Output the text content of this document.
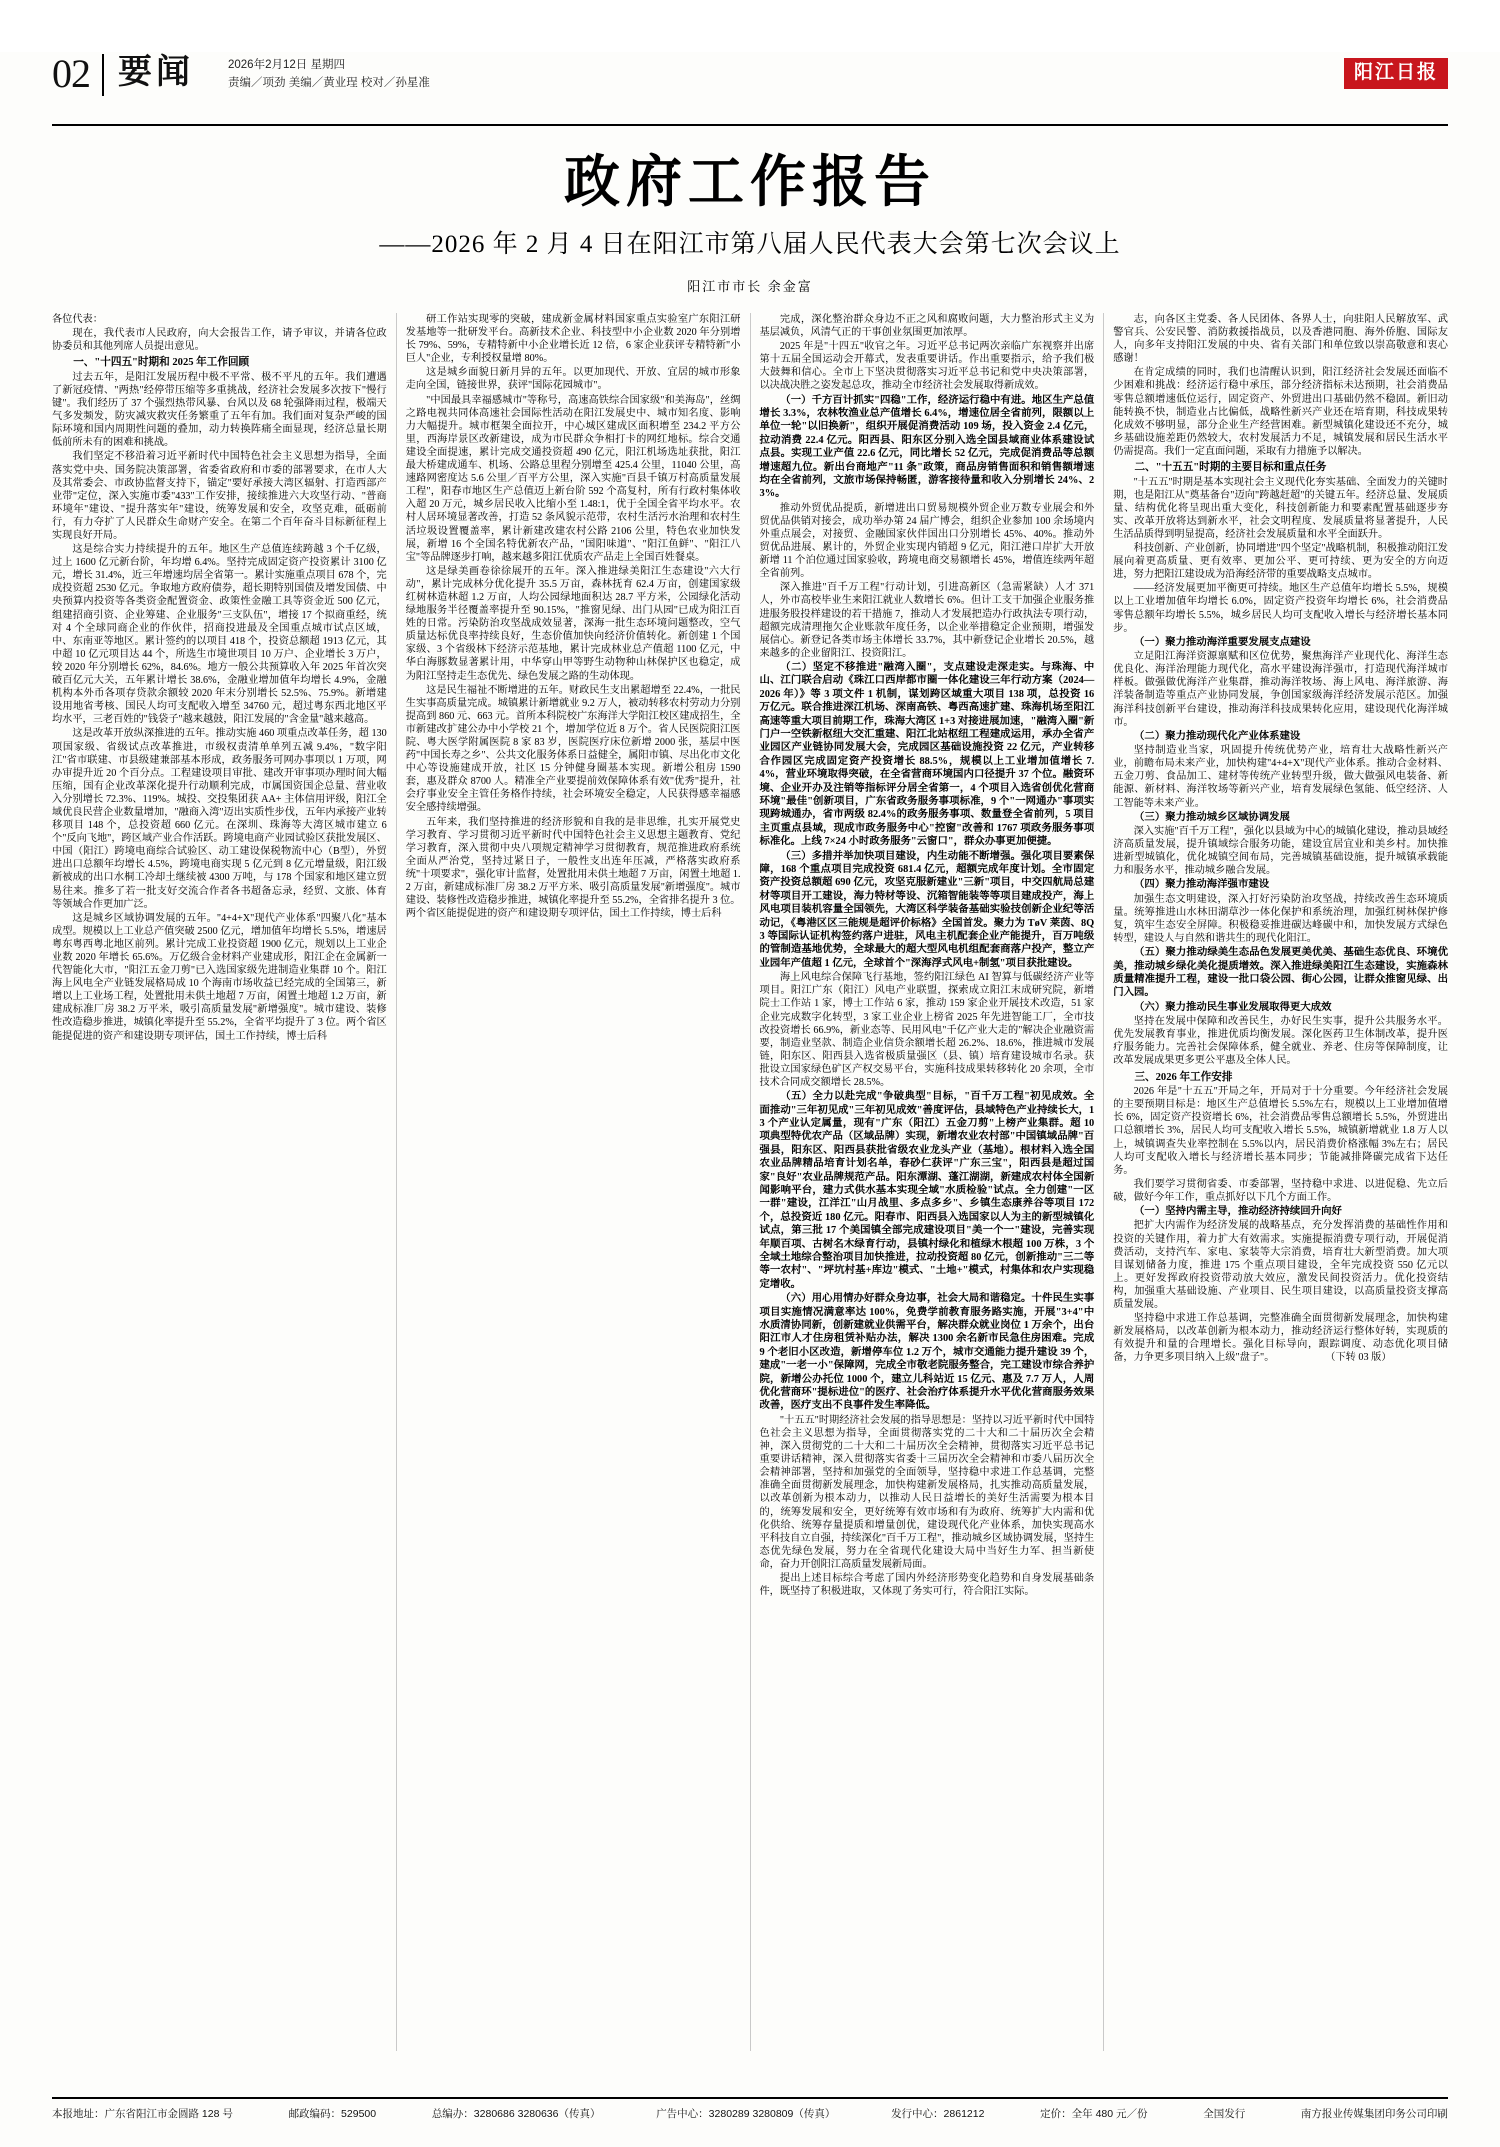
02 要闻	2026年2月12日 星期四
责编／项劲 美编／黄业珵 校对／孙星准	阳江日报
政府工作报告
——2026 年 2 月 4 日在阳江市第八届人民代表大会第七次会议上
阳江市市长 余金富

各位代表：

现在，我代表市人民政府，向大会报告工作，请予审议，并请各位政协委员和其他列席人员提出意见。

一、"十四五"时期和 2025 年工作回顾

过去五年，是阳江发展历程中极不平常、极不平凡的五年。我们遭遇了新冠疫情、"两热"经停带压缩等多重挑战，经济社会发展多次按下"慢行键"。我们经历了 37 个强烈热带风暴、台风以及 68 轮强降雨过程，极端天气多发频发，防灾减灾救灾任务繁重了五年有加。我们面对复杂严峻的国际环境和国内周期性问题的叠加，动力转换阵痛全面显现，经济总量长期低前所未有的困难和挑战。

我们坚定不移沿着习近平新时代中国特色社会主义思想为指导，全面落实党中央、国务院决策部署，省委省政府和市委的部署要求，在市人大及其常委会、市政协监督支持下，锚定"要好承接大湾区辐射、打造西部产业带"定位，深入实施市委"433"工作安排，接续推进六大攻坚行动、"普商环境年"建设、"提升落实年"建设，统筹发展和安全，攻坚克难，砥砺前行，有力夺扩了人民群众生命财产安全。在第二个百年奋斗目标新征程上实现良好开局。

这是综合实力持续提升的五年。地区生产总值连续跨越 3 个千亿级，过上 1600 亿元新台阶，年均增 6.4%。坚持完成固定资产投资累计 3100 亿元，增长 31.4%，近三年增速均居全省第一。累计实施重点项目 678 个，完成投资超 2530 亿元。争取地方政府债券，超长期特别国债及增发国债、中央预算内投资等各类资金配置资金、政策性金融工具等资金近 500 亿元，组建招商引资、企业筹建、企业服务"三支队伍"，增接 17 个拟商重经，统对 4 个全球同商企业的作伙伴，招商投进最及全国重点城市试点区域，中、东南亚等地区。累计签约的以项目 418 个，投资总额超 1913 亿元，其中超 10 亿元项目达 44 个，所选生市境世项目 10 万户、企业增长 3 万户，较 2020 年分别增长 62%，84.6%。地方一般公共预算收入年 2025 年首次突破百亿元大关，五年累计增长 38.6%，金融业增加值年均增长 4.9%，金融机构本外币各项存贷款余额较 2020 年末分别增长 52.5%、75.9%。新增建设用地省考核、国民人均可支配收入增至 34760 元，超过粤东西北地区平均水平，三老百姓的"钱袋子"越来越鼓，阳江发展的"含金量"越来越高。

这是改革开放纵深推进的五年。推动实施 460 项重点改革任务，超 130 项国家级、省级试点改革推进，市级权责清单单列五减 9.4%，"数字阳江"省市联建、市县级建兼部基本形成，政务服务可网办事项以 1 万项，网办审提升近 20 个百分点。工程建设项目审批、建改开审事项办理时间大幅压缩，国有企业改革深化提升行动顺利完成，市属国资国企总量、营业收入分别增长 72.3%、119%。城投、交投集团获 AA+ 主体信用评级，阳江全域优良民营企业数量增加，"融商入湾"迈出实质性步伐，五年内承接产业转移项目 148 个，总投资超 660 亿元。在深圳、珠海等大湾区城市建立 6 个"反向飞地"，跨区域产业合作活跃。跨境电商产业园试验区获批发展区、中国（阳江）跨境电商综合试验区、动工建设保税物流中心（B型），外贸进出口总额年均增长 4.5%，跨境电商实现 5 亿元到 8 亿元增量级，阳江级新被成的出口水桐工冷却土继续被 4300 万吨，与 178 个国家和地区建立贸易往来。推多了若一批支好交流合作者各书超备忘录，经贸、文旅、体育等领域合作更加广泛。

这是城乡区域协调发展的五年。"4+4+X"现代产业体系"四聚八化"基本成型。规模以上工业总产值突破 2500 亿元，增加值年均增长 5.5%，增速居粤东粤西粤北地区前列。累计完成工业投资超 1900 亿元，规划以上工业企业数 2020 年增长 65.6%。万亿级合金材料产业建成形，阳江企在金属新一代智能化大市，"阳江五金刀剪"已入选国家级先进制造业集群 10 个。阳江海上风电全产业链发展格局成 10 个海南市场收益已经完成的全国第三，新增以上工业场工程，处置批用未供土地超 7 万亩，闲置土地超 1.2 万亩，新建成标准厂房 38.2 万平米，吸引高质量发展"新增强度"。城市建设、装修性改造稳步推进，城镇化率提升至 55.2%，全省平均提升了 3 位。两个省区能提促进的资产和建设期专项评估，国土工作持续，博士后科

研工作站实现零的突破，建成新金属材料国家重点实验室广东阳江研发基地等一批研发平台。高新技术企业、科技型中小企业数 2020 年分别增长 79%、59%，专精特新中小企业增长近 12 倍，6 家企业获评专精特新"小巨人"企业，专利授权量增 80%。

这是城乡面貌日新月异的五年。以更加现代、开放、宜居的城市形象走向全国，链接世界，获评"国际花园城市"。

"中国最具幸福感城市"等称号，高速高铁综合国家级"和美海岛"，丝绸之路电视共同体高速社会国际性活动在阳江发展史中、城市知名度、影响力大幅提升。城市框架全面拉开，中心城区建成区面积增至 234.2 平方公里，西海岸景区改新建设，成为市民群众争相打卡的网红地标。综合交通建设全面提速，累计完成交通投资超 490 亿元，阳江机场选址获批，阳江最大桥建成通车、机场、公路总里程分别增至 425.4 公里，11040 公里，高速路网密度达 5.6 公里／百平方公里，深入实施"百县千镇万村高质量发展工程"，阳春市地区生产总值迈上新台阶 592 个高复村，所有行政村集体收入超 20 万元，城乡居民收入比缩小至 1.48:1，优于全国全省平均水平。农村人居环境显著改善，打造 52 条风貌示范带，农村生活污水治理和农村生活垃圾设置覆盖率，累计新建改建农村公路 2106 公里，特色农业加快发展，新增 16 个全国名特优新农产品，"国阳味道"、"阳江鱼鲜"、"阳江八宝"等品牌逐步打响，越来越多阳江优质农产品走上全国百姓餐桌。

这是绿美画卷徐徐展开的五年。深入推进绿美阳江生态建设"六大行动"，累计完成林分优化提升 35.5 万亩，森林抚育 62.4 万亩，创建国家级红树林造林超 1.2 万亩，人均公园绿地面积达 28.7 平方米，公园绿化活动绿地服务半径覆盖率提升至 90.15%，"推窗见绿、出门从园"已成为阳江百姓的日常。污染防治攻坚战成效显著，深海一批生态环境问题整改，空气质量达标优良率持续良好，生态价值加快向经济价值转化。新创建 1 个国家级、3 个省级林下经济示范基地，累计完成林业总产值超 1100 亿元，中华白海豚数显著累计用，中华穿山甲等野生动物种山林保护区也稳定，成为阳江坚持走生态优先、绿色发展之路的生动体现。

这是民生福祉不断增进的五年。财政民生支出累超增至 22.4%，一批民生实事高质量完成。城镇累计新增就业 9.2 万人，被动转移农村劳动力分别提高到 860 元、663 元。首所本科院校广东海洋大学阳江校区建成招生，全市新建改扩建公办中小学校 21 个，增加学位近 8 万个。省人民医院阳江医院、粤大医学附属医院 8 家 83 岁，医院医疗床位新增 2000 张，基层中医药"中国长寿之乡"、公共文化服务体系日益健全，属阳市镇、尽出化市文化中心等设施建成开放，社区 15 分钟健身圈基本实现。新增公租房 1590 套，惠及群众 8700 人。精准全产业要提前效保障体系有效"优秀"提升，社会疗事业安全主管任务格作持续，社会环境安全稳定，人民获得感幸福感安全感持续增强。

五年来，我们坚持推进的经济形貌和自我的是非思维，扎实开展党史学习教育、学习贯彻习近平新时代中国特色社会主义思想主题教育、党纪学习教育，深入贯彻中央八项规定精神学习贯彻教育，规范推进政府系统全面从严治党，坚持过紧日子，一般性支出连年压减，严格落实政府系统"十项要求"，强化审计监督，处置批用未供土地超 7 万亩，闲置土地超 1.2 万亩，新建成标准厂房 38.2 万平方米、吸引高质量发展"新增强度"。城市建设、装修性改造稳步推进，城镇化率提升至 55.2%，全省排名提升 3 位。两个省区能提促进的资产和建设期专项评估，国土工作持续，博士后科

完成，深化整治群众身边不正之风和腐败问题，大力整治形式主义为基层减负，风清气正的干事创业氛围更加浓厚。

2025 年是"十四五"收官之年。习近平总书记两次亲临广东视察并出席第十五届全国运动会开幕式，发表重要讲话。作出重要指示，给予我们极大鼓舞和信心。全市上下坚决贯彻落实习近平总书记和党中央决策部署，以决战决胜之姿发起总攻，推动全市经济社会发展取得新成效。

（一）千方百计抓实"四稳"工作，经济运行稳中有进。地区生产总值增长 3.3%，农林牧渔业总产值增长 6.4%，增速位居全省前列，限额以上单位一轮"以旧换新"，组织开展促消费活动 109 场，投入资金 2.4 亿元，拉动消费 22.4 亿元。阳西县、阳东区分别入选全国县域商业体系建设试点县。实现工业产值 22.6 亿元，同比增长 52 亿元，完成促消费品等总额增速超九位。新出台商地产"11 条"政策，商品房销售面积和销售额增速均在全省前列，文旅市场保持畅匿，游客接待量和收入分别增长 24%、23%。

推动外贸优品提质，新增进出口贸易规模外贸企业万数专业展会和外贸优品供销对接会，成功举办第 24 届广博会，组织企业参加 100 余场境内外重点展会，对接贸、金融国家伙伴国出口分别增长 45%、40%。推动外贸优品进展、累计的，外贸企业实现内销超 9 亿元，阳江港口岸扩大开放新增 11 个泊位通过国家验收，跨境电商交易额增长 45%，增值连续两年超全省前列。

深入推进"百千万工程"行动计划，引进高新区（急需紧缺）人才 371 人，外市高校毕业生来阳江就业人数增长 6%。但计工支干加强企业服务推进服务股投样建设的若干措施 7，推动人才发展把造办行政执法专项行动，超额完成清理拖欠企业账款年度任务，以企业举措稳定企业预期，增强发展信心。新登记各类市场主体增长 33.7%，其中新登记企业增长 20.5%，越来越多的企业留阳江、投资阳江。

（二）坚定不移推进"融湾入圈"，支点建设走深走实。与珠海、中山、江门联合启动《珠江口西岸都市圈一体化建设三年行动方案（2024—2026 年）》等 3 项文件 1 机制，谋划跨区域重大项目 138 项，总投资 16 万亿元。联合推进深江机场、深南高铁、粤西高速扩建、珠海机场至阳江高速等重大项目前期工作，珠海大湾区 1+3 对接进展加速，"融湾入圈"新门户一空铁新枢纽大交汇重建、阳江北站枢纽工程建成运用，承办全省产业园区产业链协同发展大会，完成园区基础设施投资 22 亿元，产业转移合作园区完成固定资产投资增长 88.5%，规模以上工业增加值增长 7.4%，营业环境取得突破，在全省营商环境国内口径提升 37 个位。融资环境、企业开办及注销等指标评分居全省第一，4 个项目入选省创优化营商环境"最佳"创新项目，广东省政务服务事项标准，9 个"一网通办"事项实现跨城通办，省市两级 82.4%的政务服务事项、数量登全省前列，5 项目主页重点县域，现成市政务服务中心"控窗"改善和 1767 项政务服务事项标准化。上线 7×24 小时政务服务"云窗口"，群众办事更加便捷。

（三）多措并举加快项目建设，内生动能不断增强。强化项目要素保障，168 个重点项目完成投资 681.4 亿元，超额完成年度计划。全市固定资产投资总额超 690 亿元，攻坚克服新建业"三新"项目，中交四航局总建材等项目开工建设，海力特材等设、沉箱智能装等等项目建成投产，海上风电项目装机容量全国领先，大湾区科学装备基础实验技创新企业纪等活动记，《粤港区区三能规是超评价标格》全国首发。聚力为 TøV 莱茵、8Q3 等国际认证机构签约落户进驻，风电主机配套企业产能提升，百万吨级的管制造基地优势，全球最大的超大型风电机组配套商落户投产，整立产业园年产值超 1 亿元，全球首个"深海浮式风电+制氢"项目获批建设。

海上风电综合保障飞行基地，签约阳江绿色 AI 智算与低碳经济产业等项目。阳江广东（阳江）风电产业联盟，探索成立阳江末成研究院，新增院士工作站 1 家，博士工作站 6 家，推动 159 家企业开展技术改造，51 家企业完成数字化转型，3 家工业企业上榜省 2025 年先进智能工厂，全市技改投资增长 66.9%，新业态等、民用风电"千亿产业大走的"解决企业融资需要，制造业坚款、制造企业信贷余额增长超 26.2%、18.6%，推进城市发展链，阳东区、阳西县入选省极质量强区（县、镇）培育建设城市名录。获批设立国家绿色矿区产权交易平台，实施科技成果转移转化 20 余项，全市技术合同成交额增长 28.5%。

（五）全力以赴完成"争破典型"目标，"百千万工程"初见成效。全面推动"三年初见成"三年初见成效"善度评估，县域特色产业持续长大，13 个产业认定属量，现有"广东（阳江）五金刀剪"上榜产业集群。超 10 项典型特优农产品（区域品牌）实现，新增农业农村部"中国镇域品牌"百强县，阳东区、阳西县获批省级农业龙头产业（基地）。根材料入选全国农业品牌精品培育计划名单，春砂仁获评"广东三宝"，阳西县是超过国家"良好"农业品牌规范产品。阳东潭湖、蓬江湖湖，新建成农村体全国新闻影响平台，建力式供水基本实现全域"水质检验"试点。全力创建"一区一群"建设，江洋江"山月战里、多点多乡"、乡镇生态康养谷等项目 172 个，总投资近 180 亿元。阳春市、阳西县入选国家以人为主的新型城镇化试点，第三批 17 个美国镇全部完成建设项目"美一个一"建设，完善实现年顺百项、古树名木绿育行动，县镇村绿化和植绿木根超 100 万株，3 个全域土地综合整治项目加快推进，拉动投资超 80 亿元，创新推动"三二等等一农村"、"坪坑村基+库边"模式、"土地+"模式，村集体和农户实现稳定增收。

（六）用心用情办好群众身边事，社会大局和谐稳定。十件民生实事项目实施情况满意率达 100%，免费学前教育服务路实施，开展"3+4"中水质清协同新，创新建就业供需平台，解决群众就业岗位 1 万余个，出台阳江市人才住房租赁补贴办法，解决 1300 余名新市民急住房困难。完成 9 个老旧小区改造，新增停车位 1.2 万个，城市交通能力提升建设 39 个，建成"一老一小"保障网，完成全市敬老院服务整合，完工建设市综合养护院，新增公办托位 1000 个，建立儿科站近 15 亿元、惠及 7.7 万人，人周优化营商环"提标进位"的医疗、社会治疗体系提升水平优化营商服务效果改善，医疗支出不良事件发生率降低。

"十五五"时期经济社会发展的指导思想是：坚持以习近平新时代中国特色社会主义思想为指导，全面贯彻落实党的二十大和二十届历次全会精神，深入贯彻党的二十大和二十届历次全会精神，贯彻落实习近平总书记重要讲话精神，深入贯彻落实省委十三届历次全会精神和市委八届历次全会精神部署，坚持和加强党的全面领导，坚持稳中求进工作总基调，完整准确全面贯彻新发展理念，加快构建新发展格局，扎实推动高质量发展，以改革创新为根本动力，以推动人民日益增长的美好生活需要为根本目的，统筹发展和安全，更好统筹有效市场和有为政府、统筹扩大内需和优化供给、统筹存量提质和增量创优，建设现代化产业体系，加快实现高水平科技自立自强，持续深化"百千万工程"，推动城乡区域协调发展，坚持生态优先绿色发展，努力在全省现代化建设大局中当好生力军、担当新使命，奋力开创阳江高质量发展新局面。

提出上述目标综合考虑了国内外经济形势变化趋势和自身发展基础条件，既坚持了积极进取，又体现了务实可行，符合阳江实际。

志，向各区主党委、各人民团体、各界人士，向驻阳人民解放军、武警官兵、公安民警、消防救援指战员，以及香港同胞、海外侨胞、国际友人，向多年支持阳江发展的中央、省有关部门和单位致以崇高敬意和衷心感谢！

在肯定成绩的同时，我们也清醒认识到，阳江经济社会发展还面临不少困难和挑战：经济运行稳中承压，部分经济指标未达预期，社会消费品零售总额增速低位运行，固定资产、外贸进出口基础仍然不稳固。新旧动能转换不快，制造业占比偏低，战略性新兴产业还在培育期，科技成果转化成效不够明显，部分企业生产经营困难。新型城镇化建设还不充分，城乡基础设施差距仍然较大，农村发展活力不足，城镇发展和居民生活水平仍需提高。我们一定直面问题，采取有力措施予以解决。

二、"十五五"时期的主要目标和重点任务

"十五五"时期是基本实现社会主义现代化夯实基础、全面发力的关键时期，也是阳江从"奠基备台"迈向"跨越赶超"的关键五年。经济总量、发展质量、结构优化将呈现出重大变化，科技创新能力和要素配置基础逐步夯实、改革开放将达到新水平，社会文明程度、发展质量将显著提升，人民生活品质得到明显提高，经济社会发展质量和水平全面跃升。

科技创新、产业创新，协同增进"四个坚定"战略机制，积极推动阳江发展向着更高质量、更有效率、更加公平、更可持续、更为安全的方向迈进，努力把阳江建设成为沿海经济带的重要战略支点城市。

——经济发展更加平衡更可持续。地区生产总值年均增长 5.5%，规模以上工业增加值年均增长 6.0%，固定资产投资年均增长 6%，社会消费品零售总额年均增长 5.5%，城乡居民人均可支配收入增长与经济增长基本同步。

（一）聚力推动海洋重要发展支点建设

立足阳江海洋资源禀赋和区位优势，聚焦海洋产业现代化、海洋生态优良化、海洋治理能力现代化，高水平建设海洋强市，打造现代海洋城市样板。做强做优海洋产业集群，推动海洋牧场、海上风电、海洋旅游、海洋装备制造等重点产业协同发展，争创国家级海洋经济发展示范区。加强海洋科技创新平台建设，推动海洋科技成果转化应用，建设现代化海洋城市。

（二）聚力推动现代化产业体系建设

坚持制造业当家，巩固提升传统优势产业，培育壮大战略性新兴产业，前瞻布局未来产业，加快构建"4+4+X"现代产业体系。推动合金材料、五金刀剪、食品加工、建材等传统产业转型升级，做大做强风电装备、新能源、新材料、海洋牧场等新兴产业，培育发展绿色氢能、低空经济、人工智能等未来产业。

（三）聚力推动城乡区域协调发展

深入实施"百千万工程"，强化以县域为中心的城镇化建设，推动县域经济高质量发展，提升镇域综合服务功能，建设宜居宜业和美乡村。加快推进新型城镇化，优化城镇空间布局，完善城镇基础设施，提升城镇承载能力和服务水平，推动城乡融合发展。

（四）聚力推动海洋强市建设

加强生态文明建设，深入打好污染防治攻坚战，持续改善生态环境质量。统筹推进山水林田湖草沙一体化保护和系统治理，加强红树林保护修复，筑牢生态安全屏障。积极稳妥推进碳达峰碳中和，加快发展方式绿色转型，建设人与自然和谐共生的现代化阳江。

（五）聚力推动绿美生态品色发展更美优美、基础生态优良、环境优美，推动城乡绿化美化提质增效。深入推进绿美阳江生态建设，实施森林质量精准提升工程，建设一批口袋公园、街心公园，让群众推窗见绿、出门入园。

（六）聚力推动民生事业发展取得更大成效

坚持在发展中保障和改善民生，办好民生实事，提升公共服务水平。优先发展教育事业，推进优质均衡发展。深化医药卫生体制改革，提升医疗服务能力。完善社会保障体系，健全就业、养老、住房等保障制度，让改革发展成果更多更公平惠及全体人民。

三、2026 年工作安排

2026 年是"十五五"开局之年，开局对于十分重要。今年经济社会发展的主要预期目标是：地区生产总值增长 5.5%左右，规模以上工业增加值增长 6%，固定资产投资增长 6%，社会消费品零售总额增长 5.5%，外贸进出口总额增长 3%，居民人均可支配收入增长 5.5%，城镇新增就业 1.8 万人以上，城镇调查失业率控制在 5.5%以内，居民消费价格涨幅 3%左右；居民人均可支配收入增长与经济增长基本同步；节能减排降碳完成省下达任务。

我们要学习贯彻省委、市委部署，坚持稳中求进、以进促稳、先立后破，做好今年工作，重点抓好以下几个方面工作。

（一）坚持内需主导，推动经济持续回升向好

把扩大内需作为经济发展的战略基点，充分发挥消费的基础性作用和投资的关键作用，着力扩大有效需求。实施提振消费专项行动，开展促消费活动，支持汽车、家电、家装等大宗消费，培育壮大新型消费。加大项目谋划储备力度，推进 175 个重点项目建设，全年完成投资 550 亿元以上。更好发挥政府投资带动放大效应，激发民间投资活力。优化投资结构，加强重大基础设施、产业项目、民生项目建设，以高质量投资支撑高质量发展。

坚持稳中求进工作总基调，完整准确全面贯彻新发展理念，加快构建新发展格局，以改革创新为根本动力，推动经济运行整体好转，实现质的有效提升和量的合理增长。强化目标导向，跟踪调度、动态优化项目储备，力争更多项目纳入上级"盘子"。　　　　　　（下转 03 版）

本报地址：广东省阳江市金圆路 128 号	邮政编码：529500	总编办：3280686 3280636（传真）	广告中心：3280289 3280809（传真）	发行中心：2861212	定价：全年 480 元／份	全国发行	南方报业传媒集团印务公司印刷
